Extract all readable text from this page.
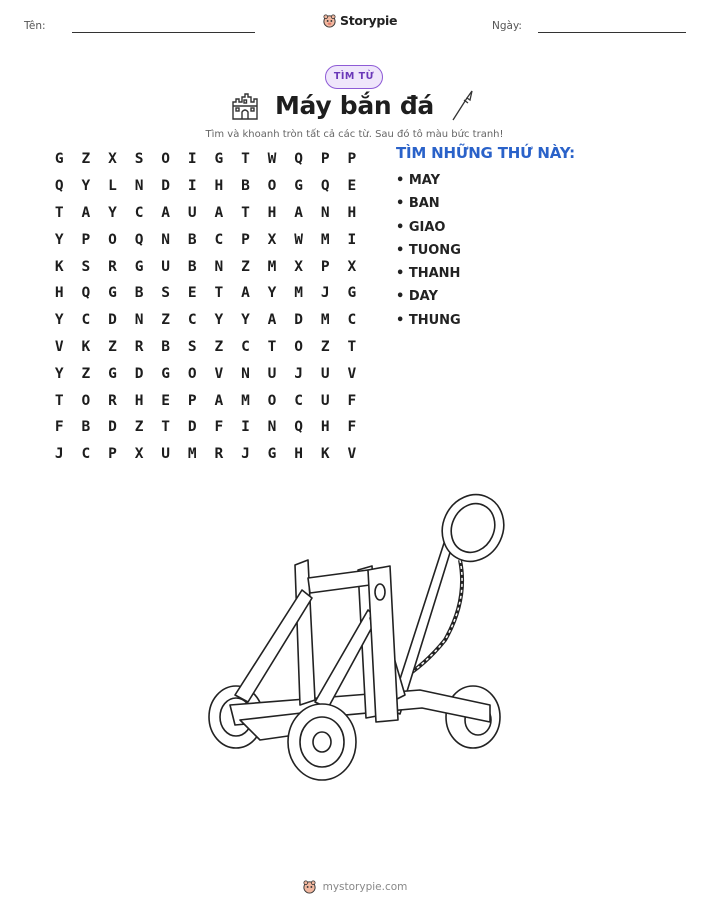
Tên:	Storypie	Ngày:
TÌM TỪ
Máy bắn đá
Tìm và khoanh tròn tất cả các từ. Sau đó tô màu bức tranh!
G	Z	X	S	O	I	G	T	W	Q	P	P
Q	Y	L	N	D	I	H	B	O	G	Q	E
T	A	Y	C	A	U	A	T	H	A	N	H
Y	P	O	Q	N	B	C	P	X	W	M	I
K	S	R	G	U	B	N	Z	M	X	P	X
H	Q	G	B	S	E	T	A	Y	M	J	G
Y	C	D	N	Z	C	Y	Y	A	D	M	C
V	K	Z	R	B	S	Z	C	T	O	Z	T
Y	Z	G	D	G	O	V	N	U	J	U	V
T	O	R	H	E	P	A	M	O	C	U	F
F	B	D	Z	T	D	F	I	N	Q	H	F
J	C	P	X	U	M	R	J	G	H	K	V
TÌM NHỮNG THỨ NÀY:
• MAY
• BAN
• GIAO
• TUONG
• THANH
• DAY
• THUNG
mystorypie.com
